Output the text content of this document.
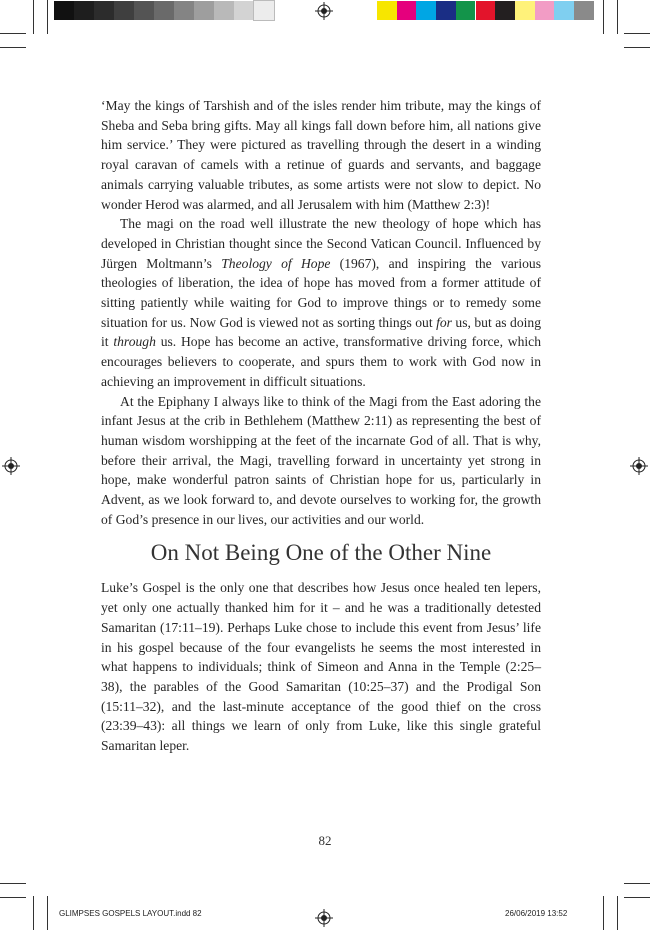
‘May the kings of Tarshish and of the isles render him tribute, may the kings of Sheba and Seba bring gifts. May all kings fall down before him, all nations give him service.’ They were pictured as travelling through the desert in a winding royal caravan of camels with a retinue of guards and servants, and baggage animals carrying valuable tributes, as some artists were not slow to depict. No wonder Herod was alarmed, and all Jerusalem with him (Matthew 2:3)!

The magi on the road well illustrate the new theology of hope which has developed in Christian thought since the Second Vatican Council. Influenced by Jürgen Moltmann’s Theology of Hope (1967), and inspiring the various theologies of liberation, the idea of hope has moved from a former attitude of sitting patiently while waiting for God to improve things or to remedy some situation for us. Now God is viewed not as sorting things out for us, but as doing it through us. Hope has become an active, transformative driving force, which encourages believers to cooperate, and spurs them to work with God now in achieving an improvement in difficult situations.

At the Epiphany I always like to think of the Magi from the East adoring the infant Jesus at the crib in Bethlehem (Matthew 2:11) as representing the best of human wisdom worshipping at the feet of the incarnate God of all. That is why, before their arrival, the Magi, travelling forward in uncertainty yet strong in hope, make wonderful patron saints of Christian hope for us, particularly in Advent, as we look forward to, and devote ourselves to working for, the growth of God’s presence in our lives, our activities and our world.

On Not Being One of the Other Nine

Luke’s Gospel is the only one that describes how Jesus once healed ten lepers, yet only one actually thanked him for it – and he was a traditionally detested Samaritan (17:11–19). Perhaps Luke chose to include this event from Jesus’ life in his gospel because of the four evangelists he seems the most interested in what happens to individuals; think of Simeon and Anna in the Temple (2:25–38), the parables of the Good Samaritan (10:25–37) and the Prodigal Son (15:11–32), and the last-minute acceptance of the good thief on the cross (23:39–43): all things we learn of only from Luke, like this single grateful Samaritan leper.

82
GLIMPSES GOSPELS LAYOUT.indd 82	26/06/2019 13:52
